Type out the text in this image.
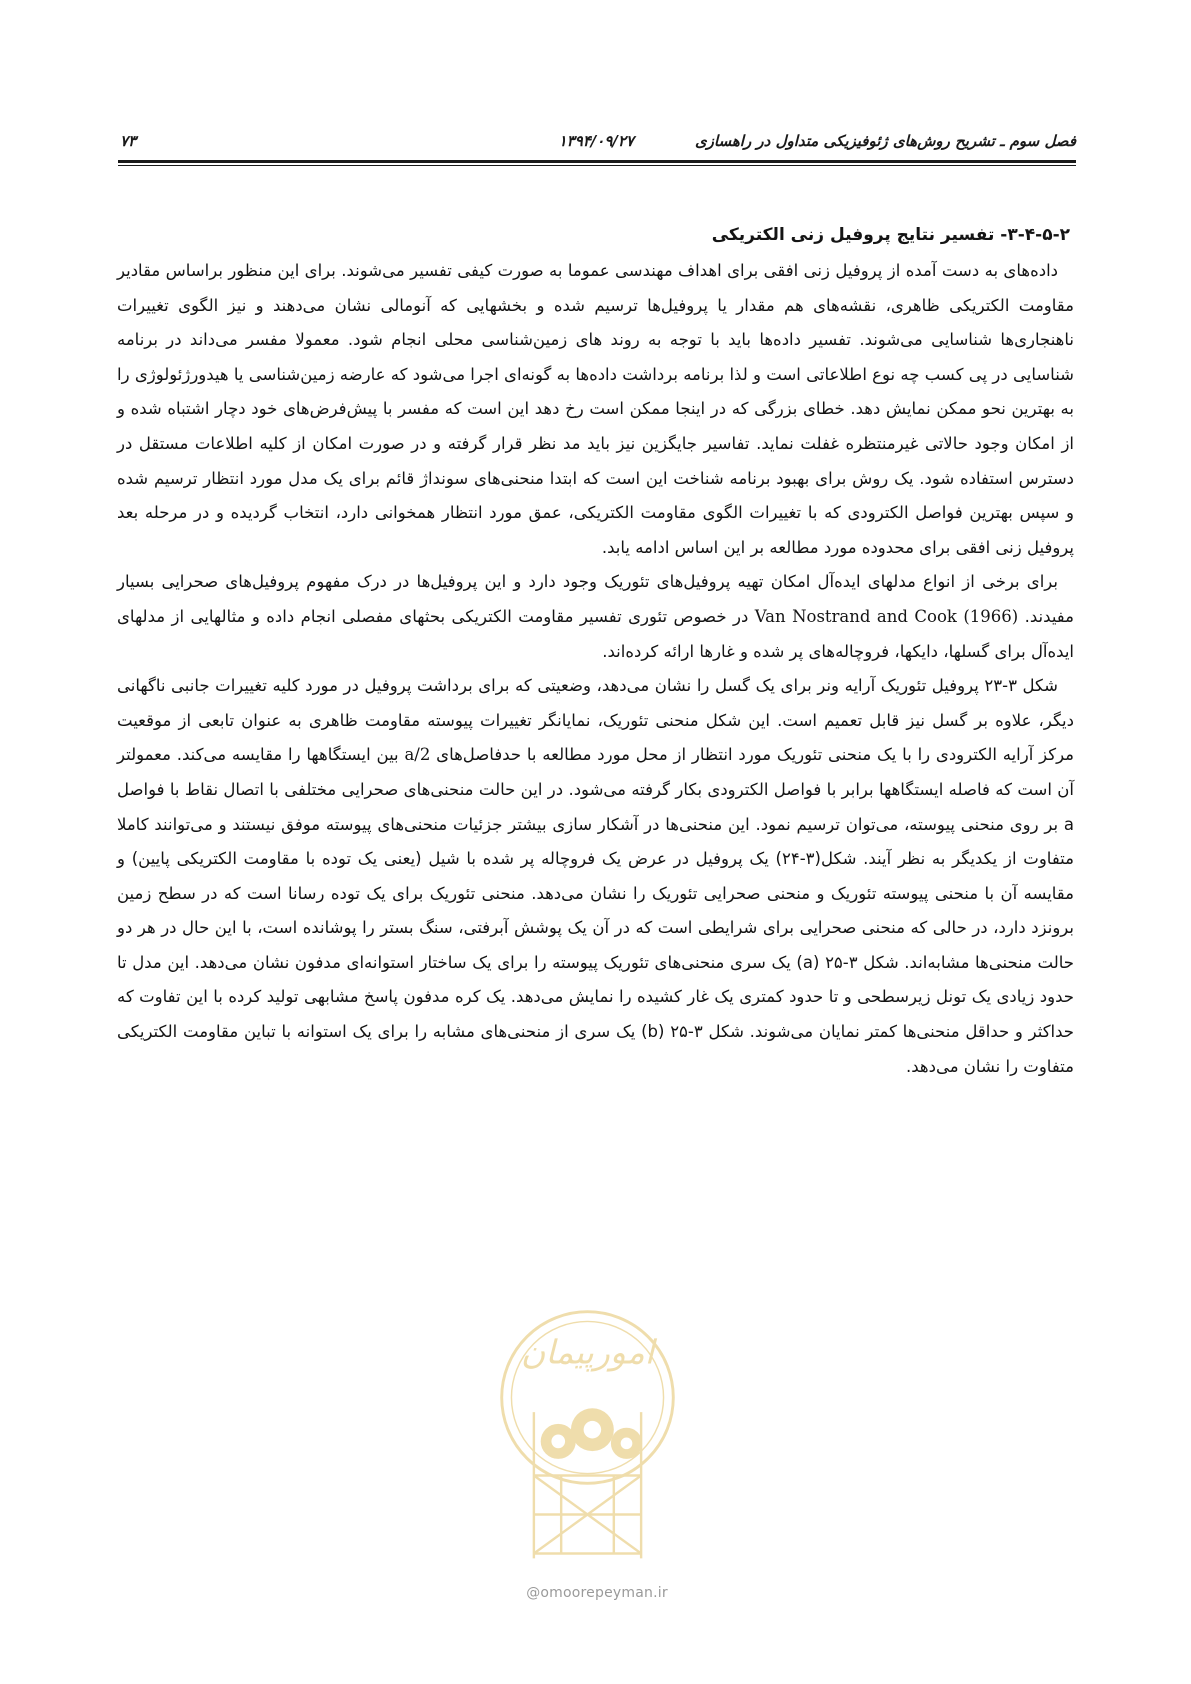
فصل سوم ـ تشریح روش‌های ژئوفیزیکی متداول در راهسازی
۱۳۹۴/۰۹/۲۷
۷۳
۳-۴-۵-۲- تفسیر نتایج پروفیل زنی الکتریکی

داده‌های به دست آمده از پروفیل زنی افقی برای اهداف مهندسی عموما به صورت کیفی تفسیر می‌شوند. برای این منظور براساس مقادیر مقاومت الکتریکی ظاهری، نقشه‌های هم مقدار یا پروفیل‌ها ترسیم شده و بخشهایی که آنومالی نشان می‌دهند و نیز الگوی تغییرات ناهنجاری‌ها شناسایی می‌شوند. تفسیر داده‌ها باید با توجه به روند های زمین‌شناسی محلی انجام شود. معمولا مفسر می‌داند در برنامه شناسایی در پی کسب چه نوع اطلاعاتی است و لذا برنامه برداشت داده‌ها به گونه‌ای اجرا می‌شود که عارضه زمین‌شناسی یا هیدورژئولوژی را به بهترین نحو ممکن نمایش دهد. خطای بزرگی که در اینجا ممکن است رخ دهد این است که مفسر با پیش‌فرض‌های خود دچار اشتباه شده و از امکان وجود حالاتی غیرمنتظره غفلت نماید. تفاسیر جایگزین نیز باید مد نظر قرار گرفته و در صورت امکان از کلیه اطلاعات مستقل در دسترس استفاده شود. یک روش برای بهبود برنامه شناخت این است که ابتدا منحنی‌های سونداژ قائم برای یک مدل مورد انتظار ترسیم شده و سپس بهترین فواصل الکترودی که با تغییرات الگوی مقاومت الکتریکی، عمق مورد انتظار همخوانی دارد، انتخاب گردیده و در مرحله بعد پروفیل زنی افقی برای محدوده مورد مطالعه بر این اساس ادامه یابد.

برای برخی از انواع مدلهای ایده‌آل امکان تهیه پروفیل‌های تئوریک وجود دارد و این پروفیل‌ها در درک مفهوم پروفیل‌های صحرایی بسیار مفیدند. Van Nostrand and Cook (1966) در خصوص تئوری تفسیر مقاومت الکتریکی بحثهای مفصلی انجام داده و مثالهایی از مدلهای ایده‌آل برای گسلها، دایکها، فروچاله‌های پر شده و غارها ارائه کرده‌اند.

شکل ۳-۲۳ پروفیل تئوریک آرایه ونر برای یک گسل را نشان می‌دهد، وضعیتی که برای برداشت پروفیل در مورد کلیه تغییرات جانبی ناگهانی دیگر، علاوه بر گسل نیز قابل تعمیم است. این شکل منحنی تئوریک، نمایانگر تغییرات پیوسته مقاومت ظاهری به عنوان تابعی از موقعیت مرکز آرایه الکترودی را با یک منحنی تئوریک مورد انتظار از محل مورد مطالعه با حدفاصل‌های a/2 بین ایستگاهها را مقایسه می‌کند. معمولتر آن است که فاصله ایستگاهها برابر با فواصل الکترودی بکار گرفته می‌شود. در این حالت منحنی‌های صحرایی مختلفی با اتصال نقاط با فواصل a بر روی منحنی پیوسته، می‌توان ترسیم نمود. این منحنی‌ها در آشکار سازی بیشتر جزئیات منحنی‌های پیوسته موفق نیستند و می‌توانند کاملا متفاوت از یکدیگر به نظر آیند. شکل(۳-۲۴) یک پروفیل در عرض یک فروچاله پر شده با شیل (یعنی یک توده با مقاومت الکتریکی پایین) و مقایسه آن با منحنی پیوسته تئوریک و منحنی صحرایی تئوریک را نشان می‌دهد. منحنی تئوریک برای یک توده رسانا است که در سطح زمین برونزد دارد، در حالی که منحنی صحرایی برای شرایطی است که در آن یک پوشش آبرفتی، سنگ بستر را پوشانده است، با این حال در هر دو حالت منحنی‌ها مشابه‌اند. شکل ۳-۲۵ (a) یک سری منحنی‌های تئوریک پیوسته را برای یک ساختار استوانه‌ای مدفون نشان می‌دهد. این مدل تا حدود زیادی یک تونل زیرسطحی و تا حدود کمتری یک غار کشیده را نمایش می‌دهد. یک کره مدفون پاسخ مشابهی تولید کرده با این تفاوت که حداکثر و حداقل منحنی‌ها کمتر نمایان می‌شوند. شکل ۳-۲۵ (b) یک سری از منحنی‌های مشابه را برای یک استوانه با تباین مقاومت الکتریکی متفاوت را نشان می‌دهد.

امورپیمان
@omoorepeyman.ir
